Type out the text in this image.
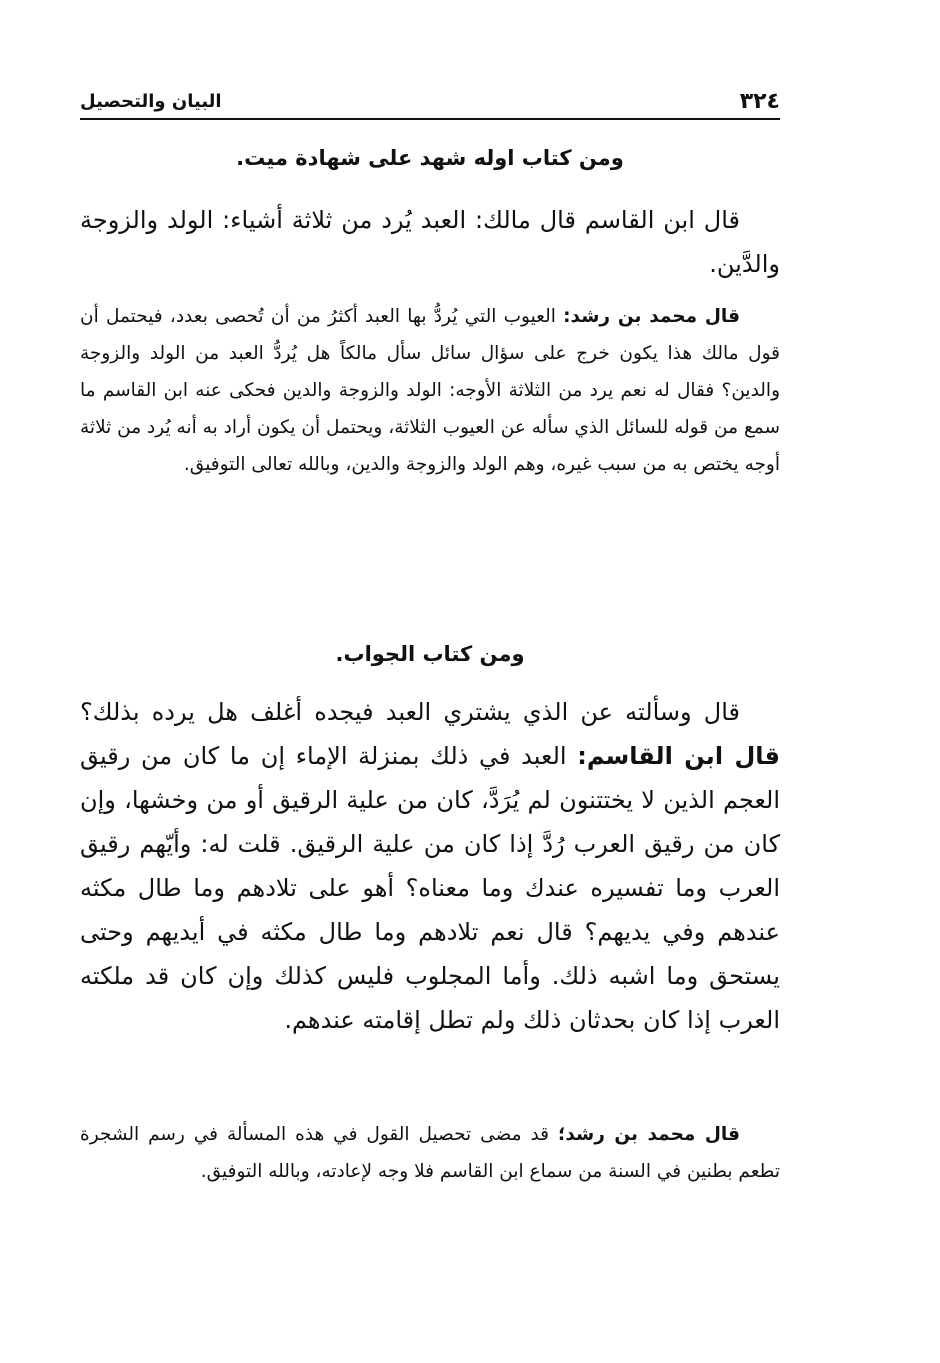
٣٢٤
البيان والتحصيل

ومن كتاب اوله شهد على شهادة ميت.

قال ابن القاسم قال مالك: العبد يُرد من ثلاثة أشياء: الولد والزوجة والدَّين.

قال محمد بن رشد: العيوب التي يُردُّ بها العبد أكثرُ من أن تُحصى بعدد، فيحتمل أن قول مالك هذا يكون خرج على سؤال سائل سأل مالكاً هل يُردُّ العبد من الولد والزوجة والدين؟ فقال له نعم يرد من الثلاثة الأوجه: الولد والزوجة والدين فحكى عنه ابن القاسم ما سمع من قوله للسائل الذي سأله عن العيوب الثلاثة، ويحتمل أن يكون أراد به أنه يُرد من ثلاثة أوجه يختص به من سبب غيره، وهم الولد والزوجة والدين، وبالله تعالى التوفيق.

ومن كتاب الجواب.

قال وسألته عن الذي يشتري العبد فيجده أغلف هل يرده بذلك؟ قال ابن القاسم: العبد في ذلك بمنزلة الإماء إن ما كان من رقيق العجم الذين لا يختتنون لم يُرَدَّ، كان من علية الرقيق أو من وخشها، وإن كان من رقيق العرب رُدَّ إذا كان من علية الرقيق. قلت له: وأيّهم رقيق العرب وما تفسيره عندك وما معناه؟ أهو على تلادهم وما طال مكثه عندهم وفي يديهم؟ قال نعم تلادهم وما طال مكثه في أيديهم وحتى يستحق وما اشبه ذلك. وأما المجلوب فليس كذلك وإن كان قد ملكته العرب إذا كان بحدثان ذلك ولم تطل إقامته عندهم.

قال محمد بن رشد؛ قد مضى تحصيل القول في هذه المسألة في رسم الشجرة تطعم بطنين في السنة من سماع ابن القاسم فلا وجه لإعادته، وبالله التوفيق.
